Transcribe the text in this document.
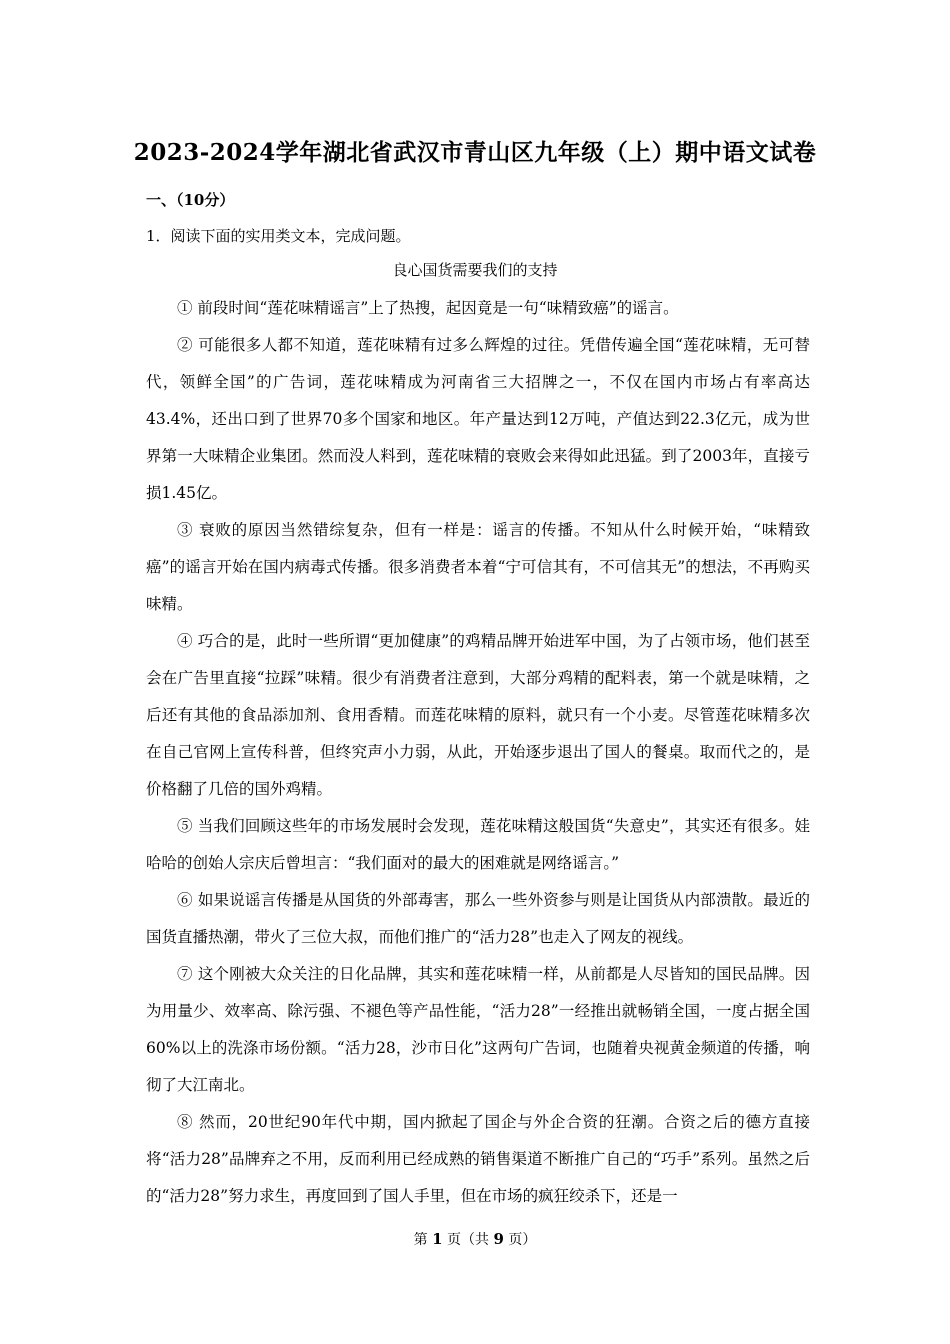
2023-2024学年湖北省武汉市青山区九年级（上）期中语文试卷
一、（10分）
1．阅读下面的实用类文本，完成问题。
良心国货需要我们的支持

① 前段时间“莲花味精谣言”上了热搜，起因竟是一句“味精致癌”的谣言。

② 可能很多人都不知道，莲花味精有过多么辉煌的过往。凭借传遍全国“莲花味精，无可替代，领鲜全国”的广告词，莲花味精成为河南省三大招牌之一，不仅在国内市场占有率高达43.4%，还出口到了世界70多个国家和地区。年产量达到12万吨，产值达到22.3亿元，成为世界第一大味精企业集团。然而没人料到，莲花味精的衰败会来得如此迅猛。到了2003年，直接亏损1.45亿。

③ 衰败的原因当然错综复杂，但有一样是：谣言的传播。不知从什么时候开始，“味精致癌”的谣言开始在国内病毒式传播。很多消费者本着“宁可信其有，不可信其无”的想法，不再购买味精。

④ 巧合的是，此时一些所谓“更加健康”的鸡精品牌开始进军中国，为了占领市场，他们甚至会在广告里直接“拉踩”味精。很少有消费者注意到，大部分鸡精的配料表，第一个就是味精，之后还有其他的食品添加剂、食用香精。而莲花味精的原料，就只有一个小麦。尽管莲花味精多次在自己官网上宣传科普，但终究声小力弱，从此，开始逐步退出了国人的餐桌。取而代之的，是价格翻了几倍的国外鸡精。

⑤ 当我们回顾这些年的市场发展时会发现，莲花味精这般国货“失意史”，其实还有很多。娃哈哈的创始人宗庆后曾坦言：“我们面对的最大的困难就是网络谣言。”

⑥ 如果说谣言传播是从国货的外部毒害，那么一些外资参与则是让国货从内部溃散。最近的国货直播热潮，带火了三位大叔，而他们推广的“活力28”也走入了网友的视线。

⑦ 这个刚被大众关注的日化品牌，其实和莲花味精一样，从前都是人尽皆知的国民品牌。因为用量少、效率高、除污强、不褪色等产品性能，“活力28”一经推出就畅销全国，一度占据全国60%以上的洗涤市场份额。“活力28，沙市日化”这两句广告词，也随着央视黄金频道的传播，响彻了大江南北。

⑧ 然而，20世纪90年代中期，国内掀起了国企与外企合资的狂潮。合资之后的德方直接将“活力28”品牌弃之不用，反而利用已经成熟的销售渠道不断推广自己的“巧手”系列。虽然之后的“活力28”努力求生，再度回到了国人手里，但在市场的疯狂绞杀下，还是一

第 1 页（共 9 页）
